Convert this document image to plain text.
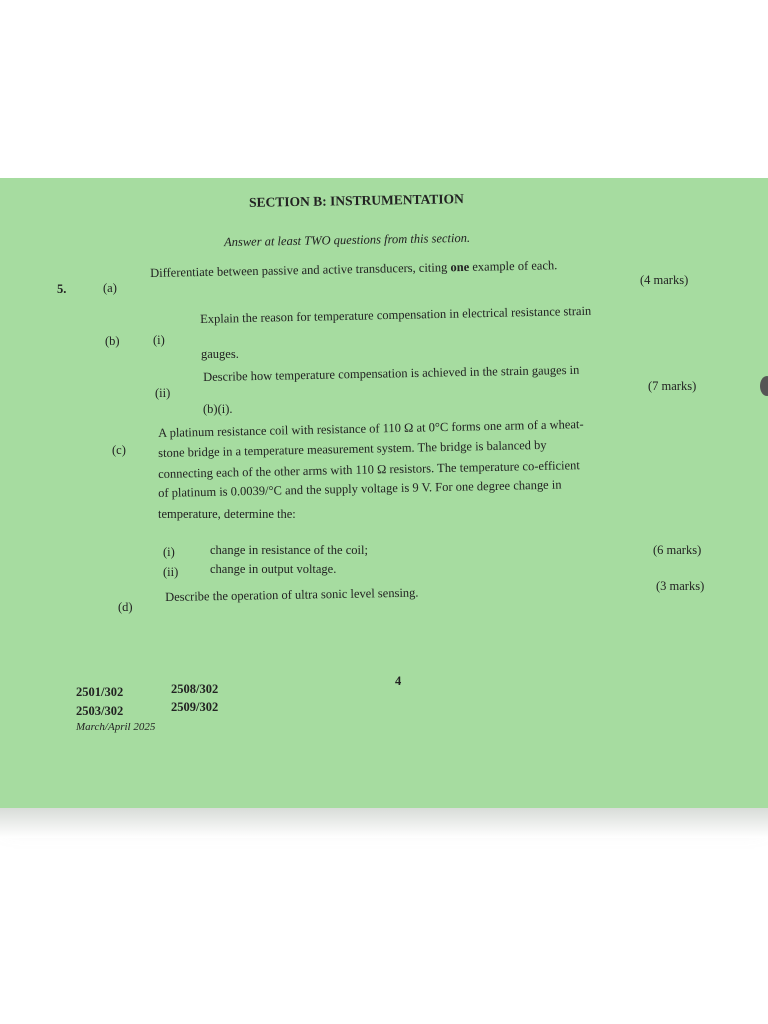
SECTION B: INSTRUMENTATION
Answer at least TWO questions from this section.
5.	(a)
Differentiate between passive and active transducers, citing one example of each.
(4 marks)
(b)	(i)
Explain the reason for temperature compensation in electrical resistance strain
gauges.
(ii)
Describe how temperature compensation is achieved in the strain gauges in
(b)(i).
(7 marks)
(c)
A platinum resistance coil with resistance of 110 Ω at 0°C forms one arm of a wheat-
stone bridge in a temperature measurement system. The bridge is balanced by
connecting each of the other arms with 110 Ω resistors. The temperature co-efficient
of platinum is 0.0039/°C and the supply voltage is 9 V. For one degree change in
temperature, determine the:
(i)	change in resistance of the coil;
(ii)	change in output voltage.
(6 marks)
(d)
Describe the operation of ultra sonic level sensing.	(3 marks)
4
2501/302	2508/302
2503/302	2509/302
March/April 2025
